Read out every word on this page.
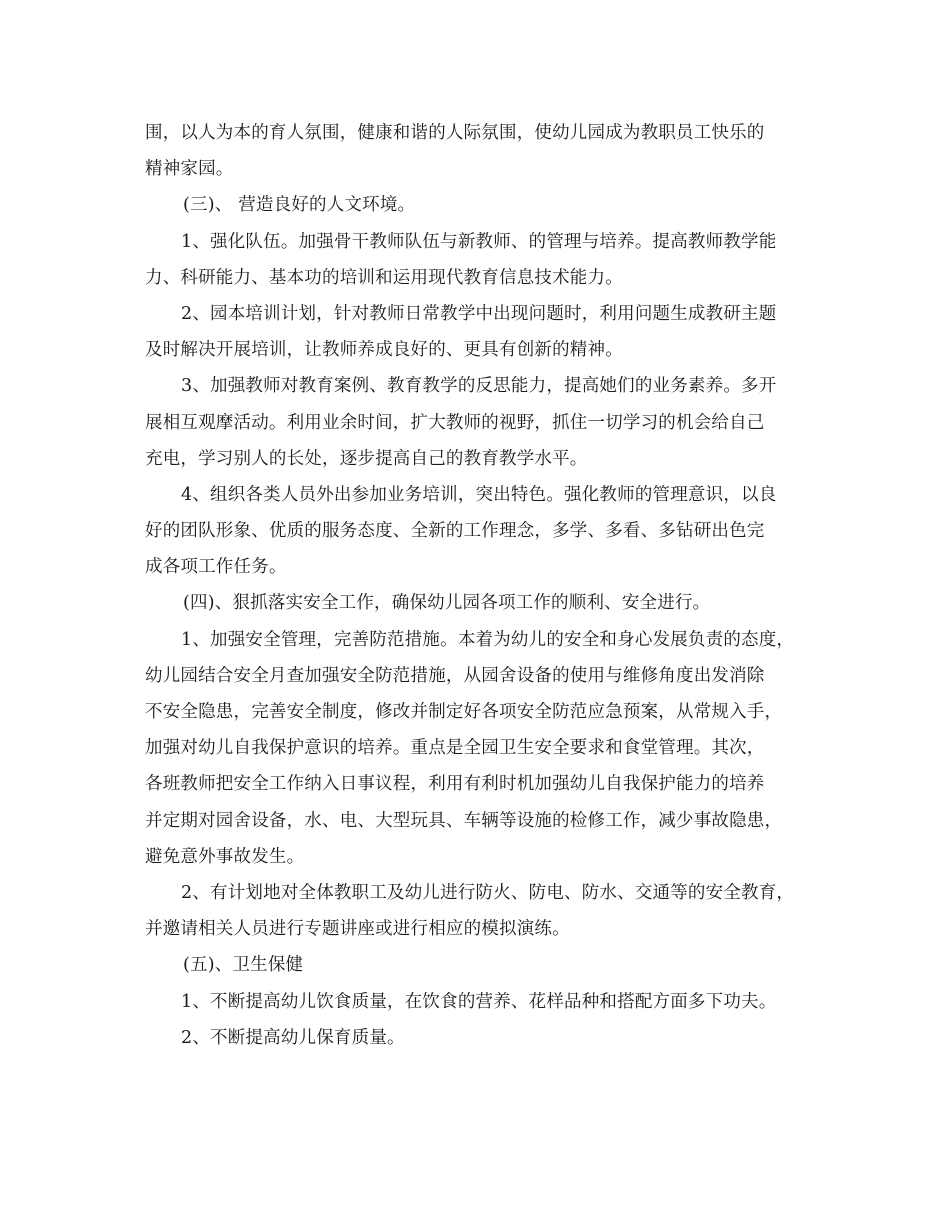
围，以人为本的育人氛围，健康和谐的人际氛围，使幼儿园成为教职员工快乐的
精神家园。
(三)、 营造良好的人文环境。
1、强化队伍。加强骨干教师队伍与新教师、的管理与培养。提高教师教学能
力、科研能力、基本功的培训和运用现代教育信息技术能力。
2、园本培训计划，针对教师日常教学中出现问题时，利用问题生成教研主题
及时解决开展培训，让教师养成良好的、更具有创新的精神。
3、加强教师对教育案例、教育教学的反思能力，提高她们的业务素养。多开
展相互观摩活动。利用业余时间，扩大教师的视野，抓住一切学习的机会给自己
充电，学习别人的长处，逐步提高自己的教育教学水平。
4、组织各类人员外出参加业务培训，突出特色。强化教师的管理意识，以良
好的团队形象、优质的服务态度、全新的工作理念，多学、多看、多钻研出色完
成各项工作任务。
(四)、狠抓落实安全工作，确保幼儿园各项工作的顺利、安全进行。
1、加强安全管理，完善防范措施。本着为幼儿的安全和身心发展负责的态度，
幼儿园结合安全月查加强安全防范措施，从园舍设备的使用与维修角度出发消除
不安全隐患，完善安全制度，修改并制定好各项安全防范应急预案，从常规入手，
加强对幼儿自我保护意识的培养。重点是全园卫生安全要求和食堂管理。其次，
各班教师把安全工作纳入日事议程，利用有利时机加强幼儿自我保护能力的培养
并定期对园舍设备，水、电、大型玩具、车辆等设施的检修工作，减少事故隐患，
避免意外事故发生。
2、有计划地对全体教职工及幼儿进行防火、防电、防水、交通等的安全教育，
并邀请相关人员进行专题讲座或进行相应的模拟演练。
(五)、卫生保健
1、不断提高幼儿饮食质量，在饮食的营养、花样品种和搭配方面多下功夫。
2、不断提高幼儿保育质量。
